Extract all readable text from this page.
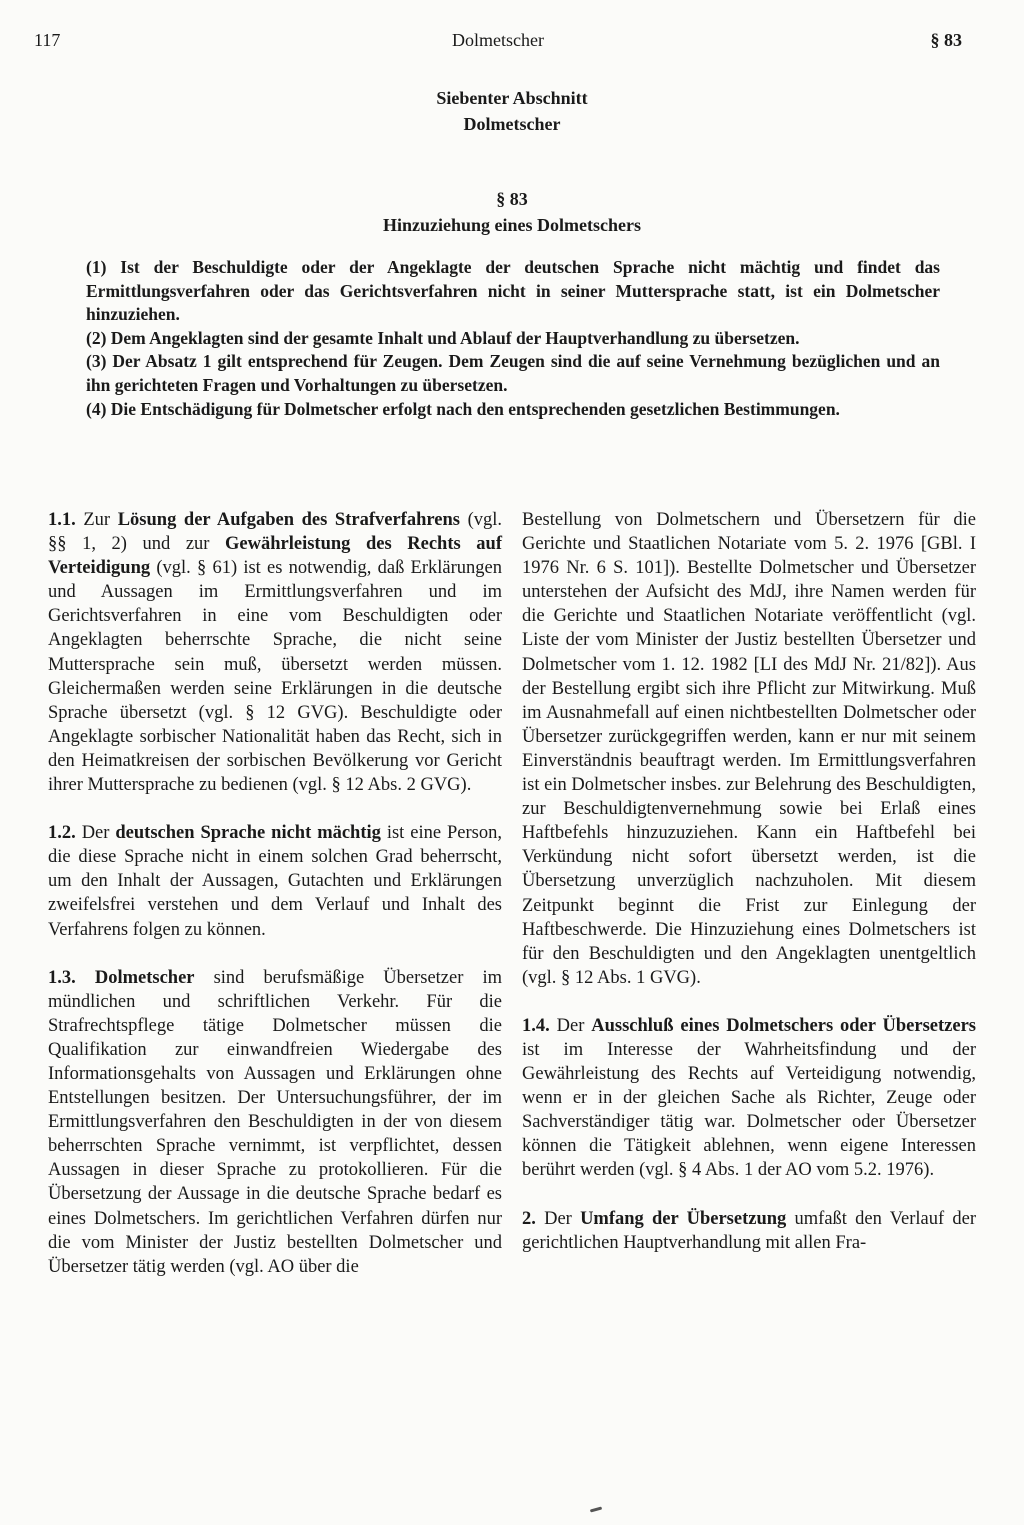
117	Dolmetscher	§ 83
Siebenter Abschnitt
Dolmetscher
§ 83
Hinzuziehung eines Dolmetschers

(1) Ist der Beschuldigte oder der Angeklagte der deutschen Sprache nicht mächtig und findet das Ermittlungsverfahren oder das Gerichtsverfahren nicht in seiner Muttersprache statt, ist ein Dolmetscher hinzuziehen.

(2) Dem Angeklagten sind der gesamte Inhalt und Ablauf der Hauptverhandlung zu übersetzen.

(3) Der Absatz 1 gilt entsprechend für Zeugen. Dem Zeugen sind die auf seine Vernehmung bezüglichen und an ihn gerichteten Fragen und Vorhaltungen zu übersetzen.

(4) Die Entschädigung für Dolmetscher erfolgt nach den entsprechenden gesetzlichen Bestimmungen.

1.1. Zur Lösung der Aufgaben des Strafverfahrens (vgl. §§ 1, 2) und zur Gewährleistung des Rechts auf Verteidigung (vgl. § 61) ist es notwendig, daß Erklärungen und Aussagen im Ermittlungsverfahren und im Gerichtsverfahren in eine vom Beschuldigten oder Angeklagten beherrschte Sprache, die nicht seine Muttersprache sein muß, übersetzt werden müssen. Gleichermaßen werden seine Erklärungen in die deutsche Sprache übersetzt (vgl. § 12 GVG). Beschuldigte oder Angeklagte sorbischer Nationalität haben das Recht, sich in den Heimatkreisen der sorbischen Bevölkerung vor Gericht ihrer Muttersprache zu bedienen (vgl. § 12 Abs. 2 GVG).

1.2. Der deutschen Sprache nicht mächtig ist eine Person, die diese Sprache nicht in einem solchen Grad beherrscht, um den Inhalt der Aussagen, Gutachten und Erklärungen zweifelsfrei verstehen und dem Verlauf und Inhalt des Verfahrens folgen zu können.

1.3. Dolmetscher sind berufsmäßige Übersetzer im mündlichen und schriftlichen Verkehr. Für die Strafrechtspflege tätige Dolmetscher müssen die Qualifikation zur einwandfreien Wiedergabe des Informationsgehalts von Aussagen und Erklärungen ohne Entstellungen besitzen. Der Untersuchungsführer, der im Ermittlungsverfahren den Beschuldigten in der von diesem beherrschten Sprache vernimmt, ist verpflichtet, dessen Aussagen in dieser Sprache zu protokollieren. Für die Übersetzung der Aussage in die deutsche Sprache bedarf es eines Dolmetschers. Im gerichtlichen Verfahren dürfen nur die vom Minister der Justiz bestellten Dolmetscher und Übersetzer tätig werden (vgl. AO über die

Bestellung von Dolmetschern und Übersetzern für die Gerichte und Staatlichen Notariate vom 5. 2. 1976 [GBl. I 1976 Nr. 6 S. 101]). Bestellte Dolmetscher und Übersetzer unterstehen der Aufsicht des MdJ, ihre Namen werden für die Gerichte und Staatlichen Notariate veröffentlicht (vgl. Liste der vom Minister der Justiz bestellten Übersetzer und Dolmetscher vom 1. 12. 1982 [LI des MdJ Nr. 21/82]). Aus der Bestellung ergibt sich ihre Pflicht zur Mitwirkung. Muß im Ausnahmefall auf einen nichtbestellten Dolmetscher oder Übersetzer zurückgegriffen werden, kann er nur mit seinem Einverständnis beauftragt werden. Im Ermittlungsverfahren ist ein Dolmetscher insbes. zur Belehrung des Beschuldigten, zur Beschuldigtenvernehmung sowie bei Erlaß eines Haftbefehls hinzuzuziehen. Kann ein Haftbefehl bei Verkündung nicht sofort übersetzt werden, ist die Übersetzung unverzüglich nachzuholen. Mit diesem Zeitpunkt beginnt die Frist zur Einlegung der Haftbeschwerde. Die Hinzuziehung eines Dolmetschers ist für den Beschuldigten und den Angeklagten unentgeltlich (vgl. § 12 Abs. 1 GVG).

1.4. Der Ausschluß eines Dolmetschers oder Übersetzers ist im Interesse der Wahrheitsfindung und der Gewährleistung des Rechts auf Verteidigung notwendig, wenn er in der gleichen Sache als Richter, Zeuge oder Sachverständiger tätig war. Dolmetscher oder Übersetzer können die Tätigkeit ablehnen, wenn eigene Interessen berührt werden (vgl. § 4 Abs. 1 der AO vom 5.2. 1976).

2. Der Umfang der Übersetzung umfaßt den Verlauf der gerichtlichen Hauptverhandlung mit allen Fra-
